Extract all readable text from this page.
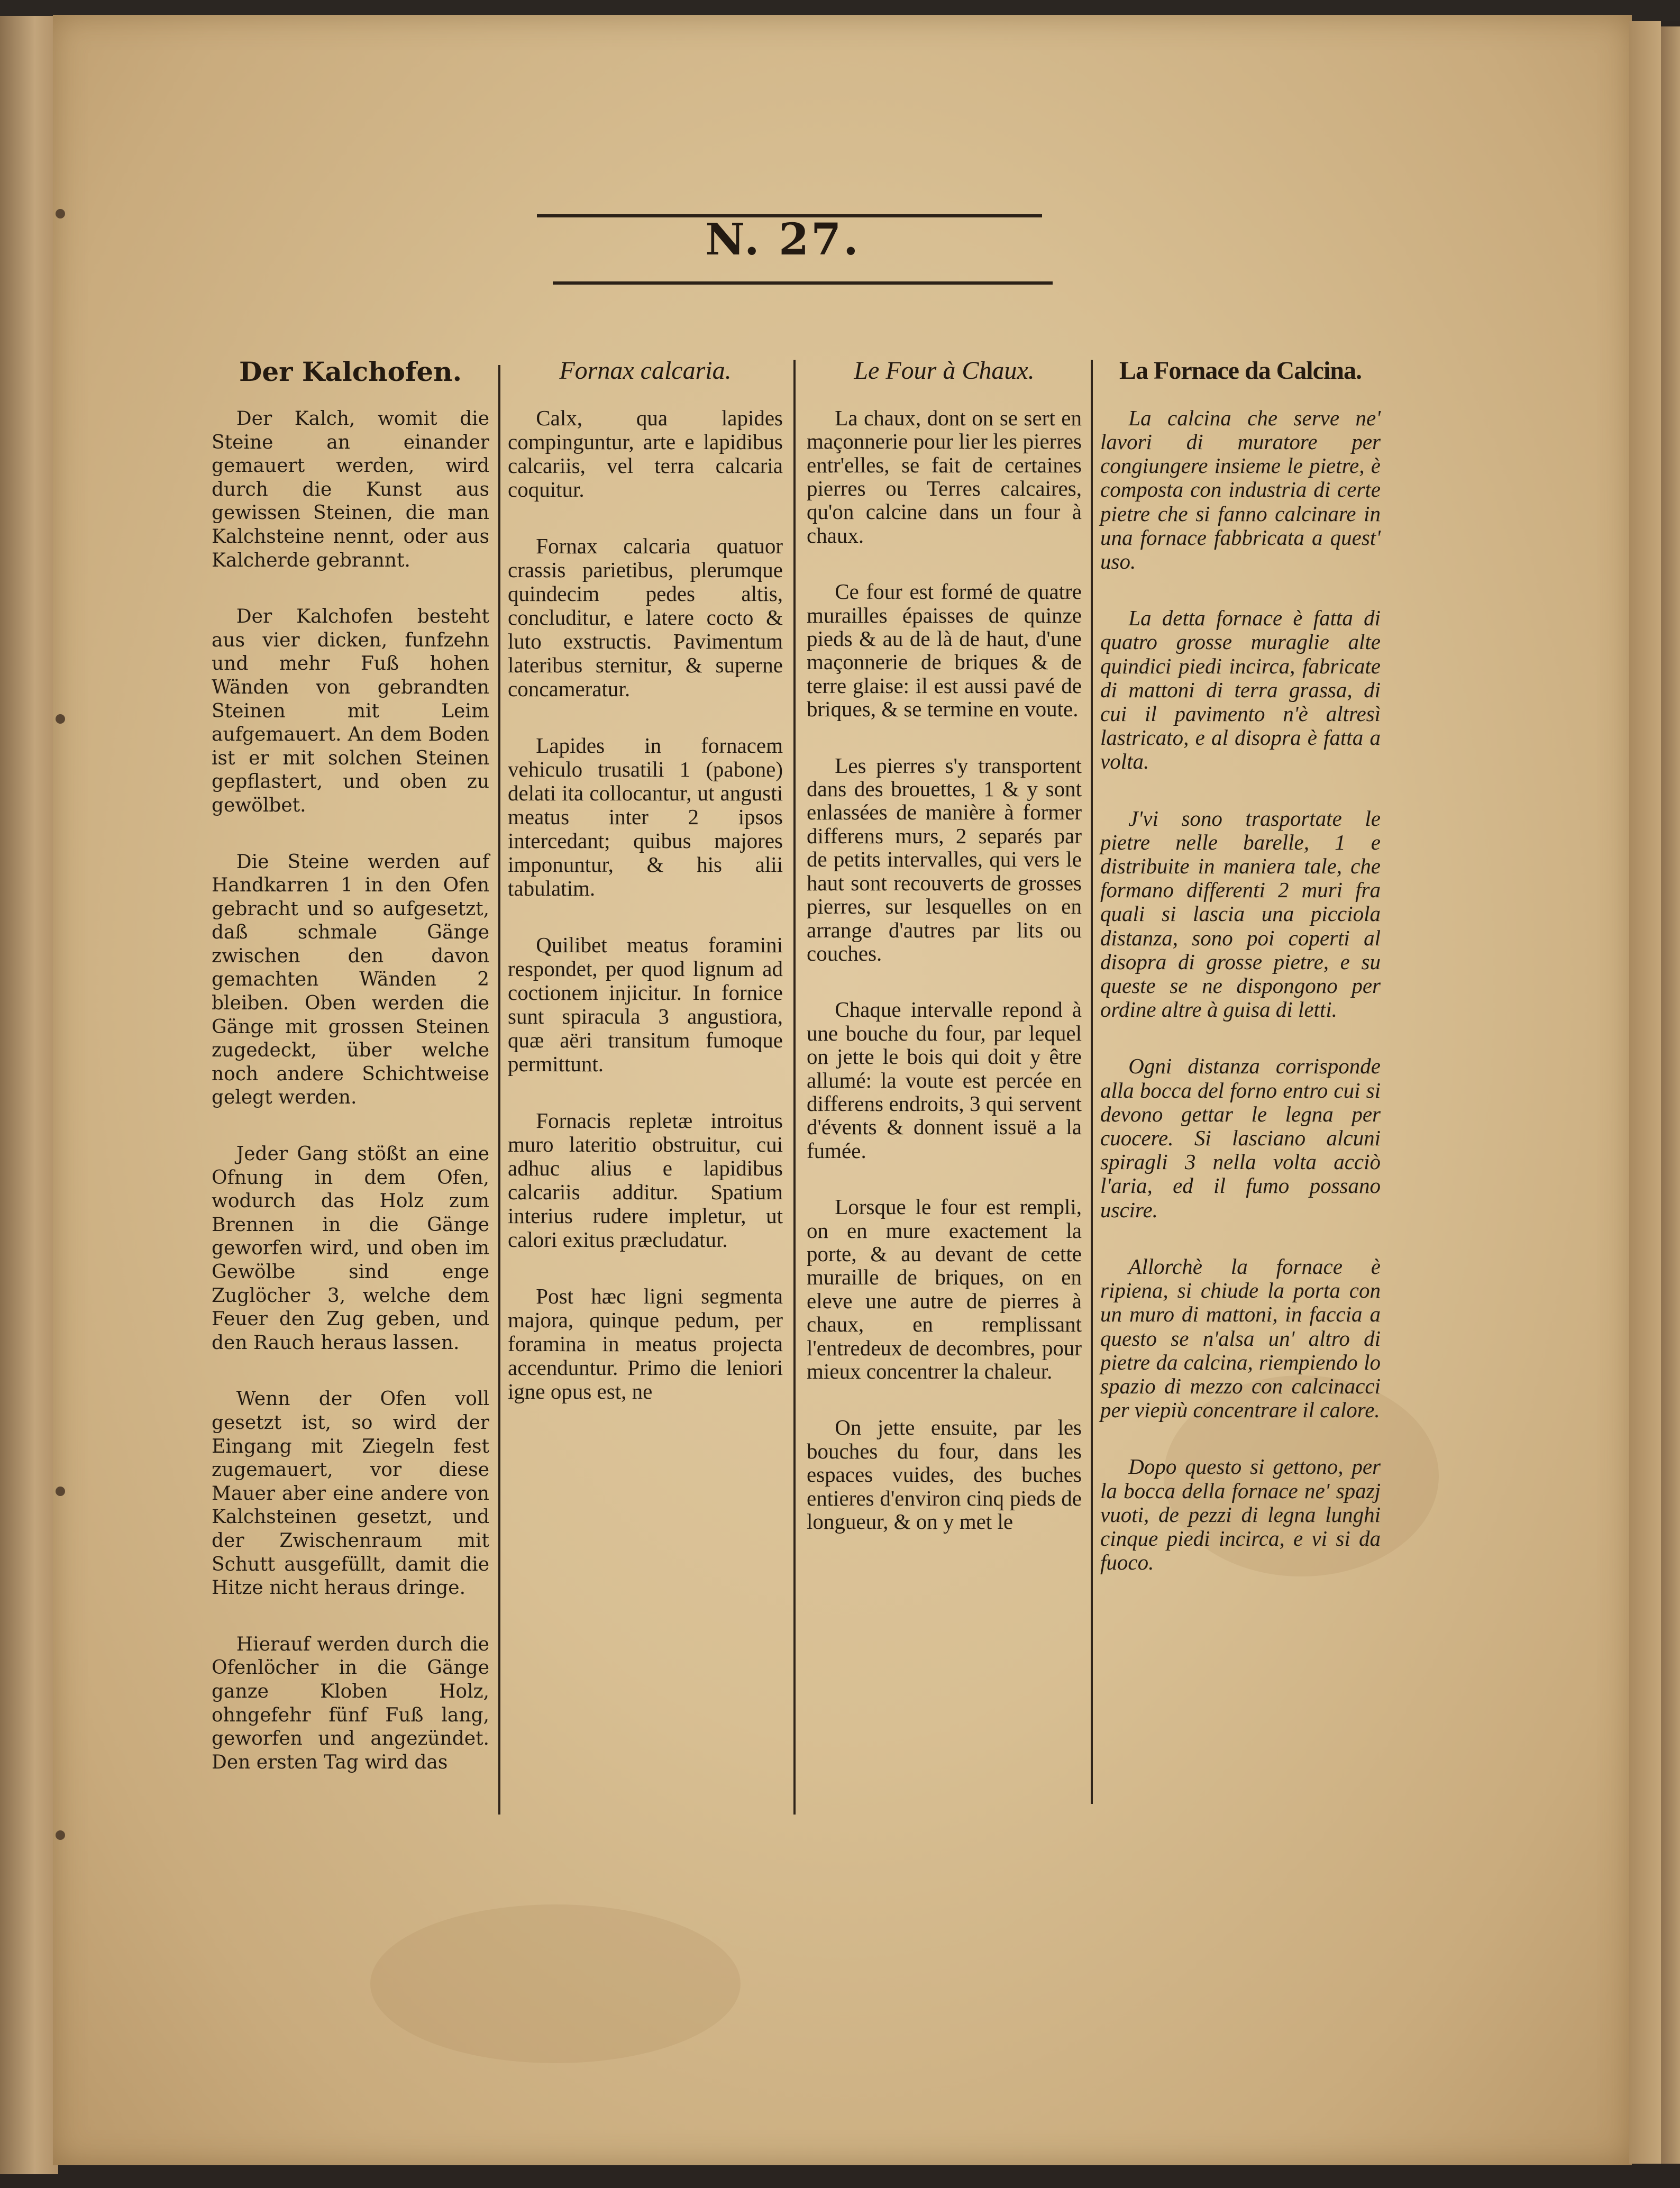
N. 27.
Der Kalchofen.

Der Kalch, womit die Steine an einander gemauert werden, wird durch die Kunst aus gewissen Steinen, die man Kalchsteine nennt, oder aus Kalcherde gebrannt.

Der Kalchofen besteht aus vier dicken, funfzehn und mehr Fuß hohen Wänden von gebrandten Steinen mit Leim aufgemauert. An dem Boden ist er mit solchen Steinen gepflastert, und oben zu gewölbet.

Die Steine werden auf Handkarren 1 in den Ofen gebracht und so aufgesetzt, daß schmale Gänge zwischen den davon gemachten Wänden 2 bleiben. Oben werden die Gänge mit grossen Steinen zugedeckt, über welche noch andere Schichtweise gelegt werden.

Jeder Gang stößt an eine Ofnung in dem Ofen, wodurch das Holz zum Brennen in die Gänge geworfen wird, und oben im Gewölbe sind enge Zuglöcher 3, welche dem Feuer den Zug geben, und den Rauch heraus lassen.

Wenn der Ofen voll gesetzt ist, so wird der Eingang mit Ziegeln fest zugemauert, vor diese Mauer aber eine andere von Kalchsteinen gesetzt, und der Zwischenraum mit Schutt ausgefüllt, damit die Hitze nicht heraus dringe.

Hierauf werden durch die Ofenlöcher in die Gänge ganze Kloben Holz, ohngefehr fünf Fuß lang, geworfen und angezündet. Den ersten Tag wird das

Fornax calcaria.

Calx, qua lapides compinguntur, arte e lapidibus calcariis, vel terra calcaria coquitur.

Fornax calcaria quatuor crassis parietibus, plerumque quindecim pedes altis, concluditur, e latere cocto & luto exstructis. Pavimentum lateribus sternitur, & superne concameratur.

Lapides in fornacem vehiculo trusatili 1 (pabone) delati ita collocantur, ut angusti meatus inter 2 ipsos intercedant; quibus majores imponuntur, & his alii tabulatim.

Quilibet meatus foramini respondet, per quod lignum ad coctionem injicitur. In fornice sunt spiracula 3 angustiora, quæ aëri transitum fumoque permittunt.

Fornacis repletæ introitus muro lateritio obstruitur, cui adhuc alius e lapidibus calcariis additur. Spatium interius rudere impletur, ut calori exitus præcludatur.

Post hæc ligni segmenta majora, quinque pedum, per foramina in meatus projecta accenduntur. Primo die leniori igne opus est, ne

Le Four à Chaux.

La chaux, dont on se sert en maçonnerie pour lier les pierres entr'elles, se fait de certaines pierres ou Terres calcaires, qu'on calcine dans un four à chaux.

Ce four est formé de quatre murailles épaisses de quinze pieds & au de là de haut, d'une maçonnerie de briques & de terre glaise: il est aussi pavé de briques, & se termine en voute.

Les pierres s'y transportent dans des brouettes, 1 & y sont enlassées de manière à former differens murs, 2 separés par de petits intervalles, qui vers le haut sont recouverts de grosses pierres, sur lesquelles on en arrange d'autres par lits ou couches.

Chaque intervalle repond à une bouche du four, par lequel on jette le bois qui doit y être allumé: la voute est percée en differens endroits, 3 qui servent d'évents & donnent issuë a la fumée.

Lorsque le four est rempli, on en mure exactement la porte, & au devant de cette muraille de briques, on en eleve une autre de pierres à chaux, en remplissant l'entredeux de decombres, pour mieux concentrer la chaleur.

On jette ensuite, par les bouches du four, dans les espaces vuides, des buches entieres d'environ cinq pieds de longueur, & on y met le

La Fornace da Calcina.

La calcina che serve ne' lavori di muratore per congiungere insieme le pietre, è composta con industria di certe pietre che si fanno calcinare in una fornace fabbricata a quest' uso.

La detta fornace è fatta di quatro grosse muraglie alte quindici piedi incirca, fabricate di mattoni di terra grassa, di cui il pavimento n'è altresì lastricato, e al disopra è fatta a volta.

J'vi sono trasportate le pietre nelle barelle, 1 e distribuite in maniera tale, che formano differenti 2 muri fra quali si lascia una picciola distanza, sono poi coperti al disopra di grosse pietre, e su queste se ne dispongono per ordine altre à guisa di letti.

Ogni distanza corrisponde alla bocca del forno entro cui si devono gettar le legna per cuocere. Si lasciano alcuni spiragli 3 nella volta acciò l'aria, ed il fumo possano uscire.

Allorchè la fornace è ripiena, si chiude la porta con un muro di mattoni, in faccia a questo se n'alsa un' altro di pietre da calcina, riempiendo lo spazio di mezzo con calcinacci per viepiù concentrare il calore.

Dopo questo si gettono, per la bocca della fornace ne' spazj vuoti, de pezzi di legna lunghi cinque piedi incirca, e vi si da fuoco.
